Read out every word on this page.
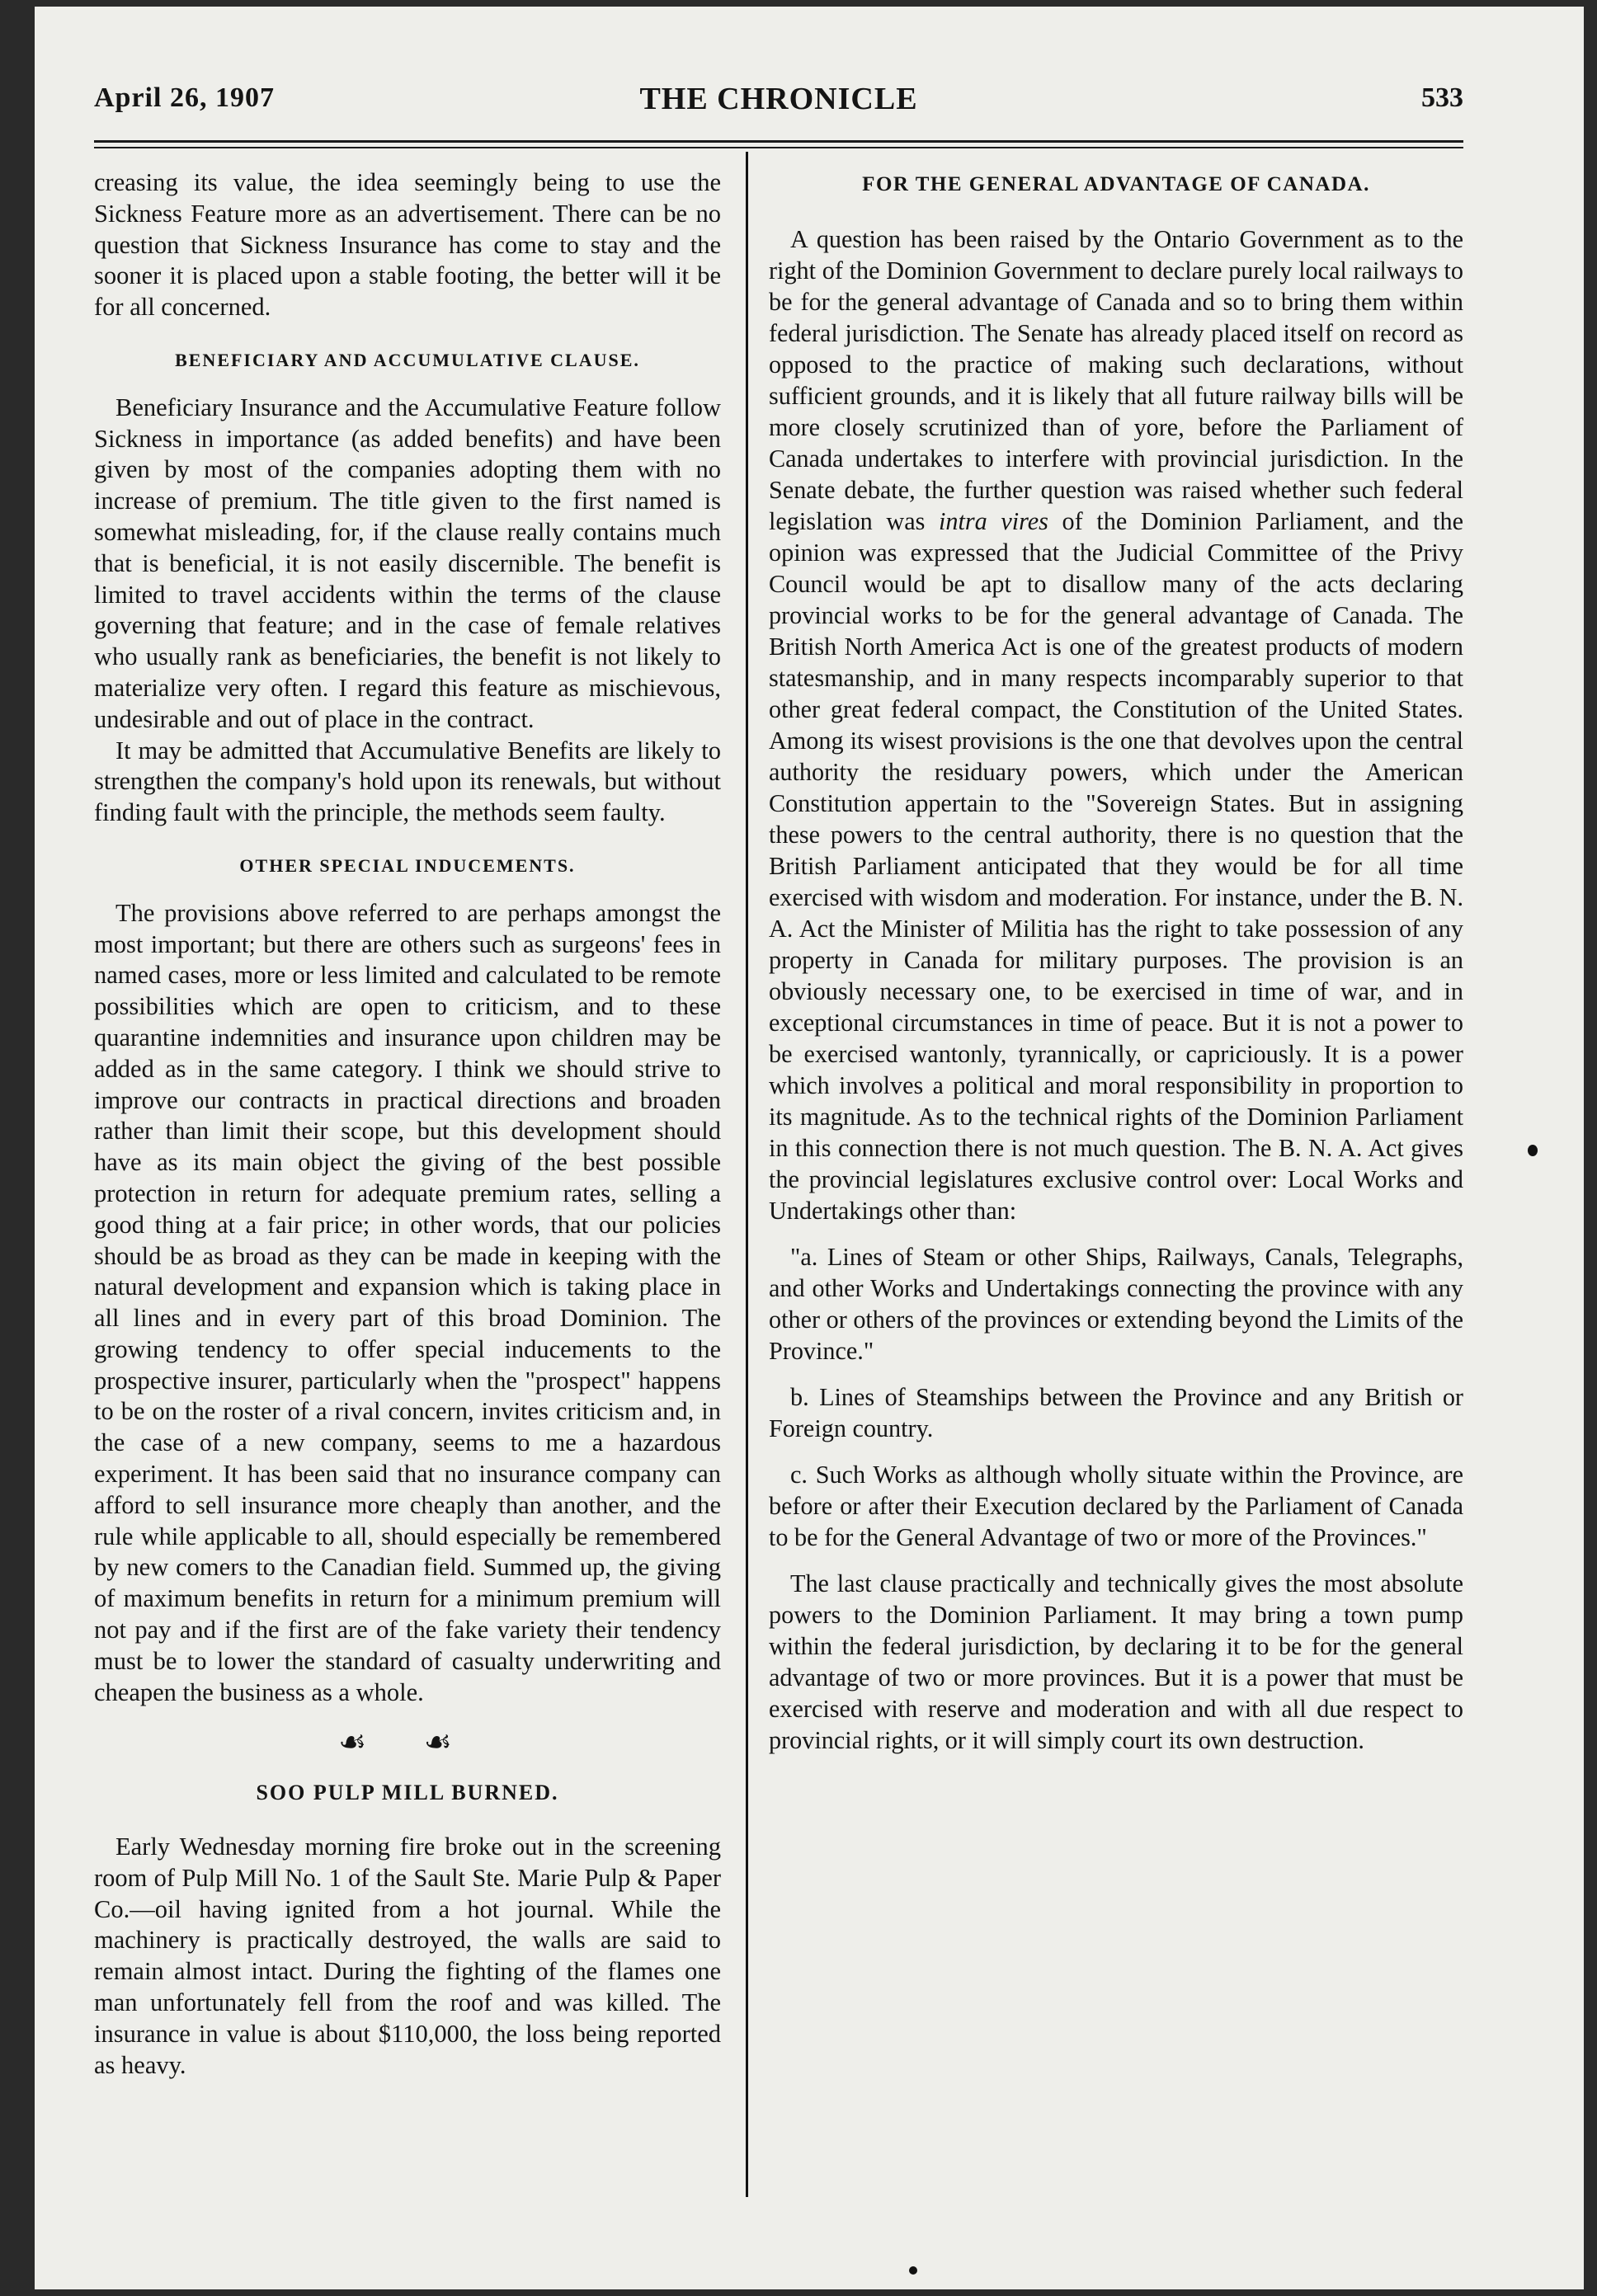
April 26, 1907	THE CHRONICLE	533

creasing its value, the idea seemingly being to use the Sickness Feature more as an advertisement. There can be no question that Sickness Insurance has come to stay and the sooner it is placed upon a stable footing, the better will it be for all concerned.

BENEFICIARY AND ACCUMULATIVE CLAUSE.

Beneficiary Insurance and the Accumulative Feature follow Sickness in importance (as added benefits) and have been given by most of the companies adopting them with no increase of premium. The title given to the first named is somewhat misleading, for, if the clause really contains much that is beneficial, it is not easily discernible. The benefit is limited to travel accidents within the terms of the clause governing that feature; and in the case of female relatives who usually rank as beneficiaries, the benefit is not likely to materialize very often. I regard this feature as mischievous, undesirable and out of place in the contract.

It may be admitted that Accumulative Benefits are likely to strengthen the company's hold upon its renewals, but without finding fault with the principle, the methods seem faulty.

OTHER SPECIAL INDUCEMENTS.

The provisions above referred to are perhaps amongst the most important; but there are others such as surgeons' fees in named cases, more or less limited and calculated to be remote possibilities which are open to criticism, and to these quarantine indemnities and insurance upon children may be added as in the same category. I think we should strive to improve our contracts in practical directions and broaden rather than limit their scope, but this development should have as its main object the giving of the best possible protection in return for adequate premium rates, selling a good thing at a fair price; in other words, that our policies should be as broad as they can be made in keeping with the natural development and expansion which is taking place in all lines and in every part of this broad Dominion. The growing tendency to offer special inducements to the prospective insurer, particularly when the "prospect" happens to be on the roster of a rival concern, invites criticism and, in the case of a new company, seems to me a hazardous experiment. It has been said that no insurance company can afford to sell insurance more cheaply than another, and the rule while applicable to all, should especially be remembered by new comers to the Canadian field. Summed up, the giving of maximum benefits in return for a minimum premium will not pay and if the first are of the fake variety their tendency must be to lower the standard of casualty underwriting and cheapen the business as a whole.

☙ ☙
SOO PULP MILL BURNED.

Early Wednesday morning fire broke out in the screening room of Pulp Mill No. 1 of the Sault Ste. Marie Pulp & Paper Co.—oil having ignited from a hot journal. While the machinery is practically destroyed, the walls are said to remain almost intact. During the fighting of the flames one man unfortunately fell from the roof and was killed. The insurance in value is about $110,000, the loss being reported as heavy.

FOR THE GENERAL ADVANTAGE OF CANADA.

A question has been raised by the Ontario Government as to the right of the Dominion Government to declare purely local railways to be for the general advantage of Canada and so to bring them within federal jurisdiction. The Senate has already placed itself on record as opposed to the practice of making such declarations, without sufficient grounds, and it is likely that all future railway bills will be more closely scrutinized than of yore, before the Parliament of Canada undertakes to interfere with provincial jurisdiction. In the Senate debate, the further question was raised whether such federal legislation was intra vires of the Dominion Parliament, and the opinion was expressed that the Judicial Committee of the Privy Council would be apt to disallow many of the acts declaring provincial works to be for the general advantage of Canada. The British North America Act is one of the greatest products of modern statesmanship, and in many respects incomparably superior to that other great federal compact, the Constitution of the United States. Among its wisest provisions is the one that devolves upon the central authority the residuary powers, which under the American Constitution appertain to the "Sovereign States. But in assigning these powers to the central authority, there is no question that the British Parliament anticipated that they would be for all time exercised with wisdom and moderation. For instance, under the B. N. A. Act the Minister of Militia has the right to take possession of any property in Canada for military purposes. The provision is an obviously necessary one, to be exercised in time of war, and in exceptional circumstances in time of peace. But it is not a power to be exercised wantonly, tyrannically, or capriciously. It is a power which involves a political and moral responsibility in proportion to its magnitude. As to the technical rights of the Dominion Parliament in this connection there is not much question. The B. N. A. Act gives the provincial legislatures exclusive control over: Local Works and Undertakings other than:

"a. Lines of Steam or other Ships, Railways, Canals, Telegraphs, and other Works and Undertakings connecting the province with any other or others of the provinces or extending beyond the Limits of the Province."

b. Lines of Steamships between the Province and any British or Foreign country.

c. Such Works as although wholly situate within the Province, are before or after their Execution declared by the Parliament of Canada to be for the General Advantage of two or more of the Provinces."

The last clause practically and technically gives the most absolute powers to the Dominion Parliament. It may bring a town pump within the federal jurisdiction, by declaring it to be for the general advantage of two or more provinces. But it is a power that must be exercised with reserve and moderation and with all due respect to provincial rights, or it will simply court its own destruction.
